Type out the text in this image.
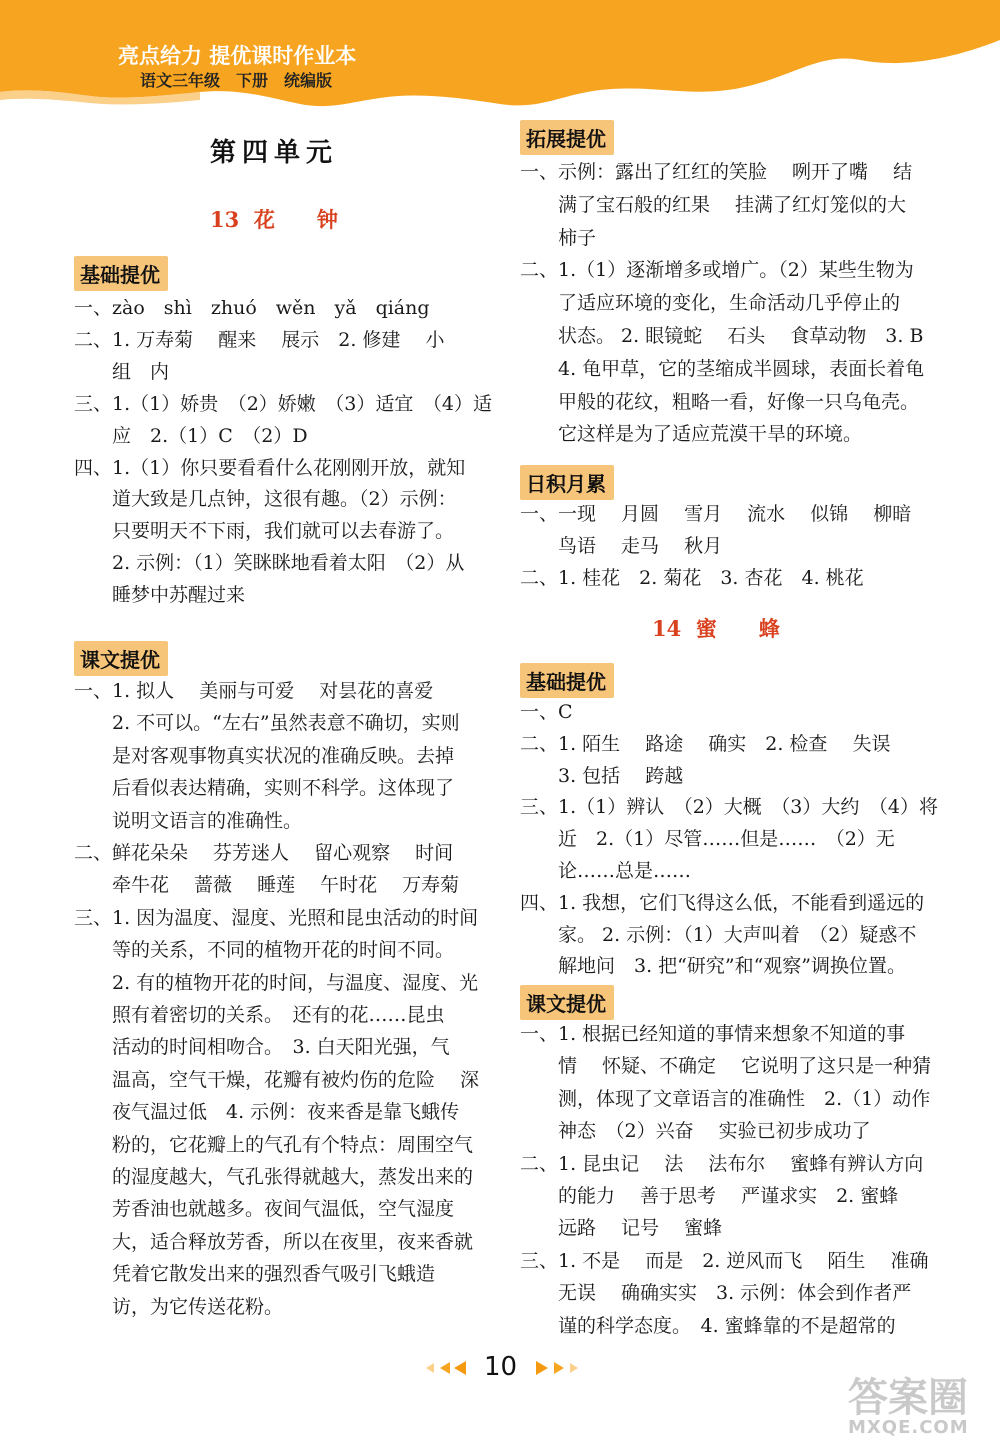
亮点给力 提优课时作业本
语文三年级　下册　统编版
第四单元
13  花　　钟
基础提优
一、zào　shì　zhuó　wěn　yǎ　qiáng
二、1. 万寿菊　 醒来　 展示　2. 修建　 小
　　组　内
三、1.（1）娇贵　（2）娇嫩　（3）适宜　（4）适
　　应　2.（1）C　（2）D
四、1.（1）你只要看看什么花刚刚开放，就知
　　道大致是几点钟，这很有趣。（2）示例：
　　只要明天不下雨，我们就可以去春游了。
　　2. 示例：（1）笑眯眯地看着太阳　（2）从
　　睡梦中苏醒过来
课文提优
一、1. 拟人　 美丽与可爱　 对昙花的喜爱
　　2. 不可以。“左右”虽然表意不确切，实则
　　是对客观事物真实状况的准确反映。去掉
　　后看似表达精确，实则不科学。这体现了
　　说明文语言的准确性。
二、鲜花朵朵　 芬芳迷人　 留心观察　 时间
　　牵牛花　 蔷薇　 睡莲　 午时花　 万寿菊
三、1. 因为温度、湿度、光照和昆虫活动的时间
　　等的关系，不同的植物开花的时间不同。
　　2. 有的植物开花的时间，与温度、湿度、光
　　照有着密切的关系。　还有的花……昆虫
　　活动的时间相吻合。　3. 白天阳光强，气
　　温高，空气干燥，花瓣有被灼伤的危险　 深
　　夜气温过低　4. 示例：夜来香是靠飞蛾传
　　粉的，它花瓣上的气孔有个特点：周围空气
　　的湿度越大，气孔张得就越大，蒸发出来的
　　芳香油也就越多。夜间气温低，空气湿度
　　大，适合释放芳香，所以在夜里，夜来香就
　　凭着它散发出来的强烈香气吸引飞蛾造
　　访，为它传送花粉。
拓展提优
一、示例：露出了红红的笑脸　 咧开了嘴　 结
　　满了宝石般的红果　 挂满了红灯笼似的大
　　柿子
二、1.（1）逐渐增多或增广。（2）某些生物为
　　了适应环境的变化，生命活动几乎停止的
　　状态。 2. 眼镜蛇　 石头　 食草动物　3. B
　　4. 龟甲草，它的茎缩成半圆球，表面长着龟
　　甲般的花纹，粗略一看，好像一只乌龟壳。
　　它这样是为了适应荒漠干旱的环境。
日积月累
一、一现　 月圆　 雪月　 流水　 似锦　 柳暗
　　鸟语　 走马　 秋月
二、1. 桂花　2. 菊花　3. 杏花　4. 桃花
14  蜜　　蜂
基础提优
一、C
二、1. 陌生　 路途　 确实　2. 检查　 失误
　　3. 包括　 跨越
三、1.（1）辨认　（2）大概　（3）大约　（4）将
　　近　2.（1）尽管……但是……　（2）无
　　论……总是……
四、1. 我想，它们飞得这么低，不能看到遥远的
　　家。 2. 示例：（1）大声叫着　（2）疑惑不
　　解地问　3. 把“研究”和“观察”调换位置。
课文提优
一、1. 根据已经知道的事情来想象不知道的事
　　情　 怀疑、不确定　 它说明了这只是一种猜
　　测，体现了文章语言的准确性　2.（1）动作
　　神态　（2）兴奋　 实验已初步成功了
二、1. 昆虫记　 法　 法布尔　 蜜蜂有辨认方向
　　的能力　 善于思考　 严谨求实　2. 蜜蜂
　　远路　 记号　 蜜蜂
三、1. 不是　 而是　2. 逆风而飞　 陌生　 准确
　　无误　 确确实实　3. 示例：体会到作者严
　　谨的科学态度。　4. 蜜蜂靠的不是超常的
10
答案圈
MXQE.COM
